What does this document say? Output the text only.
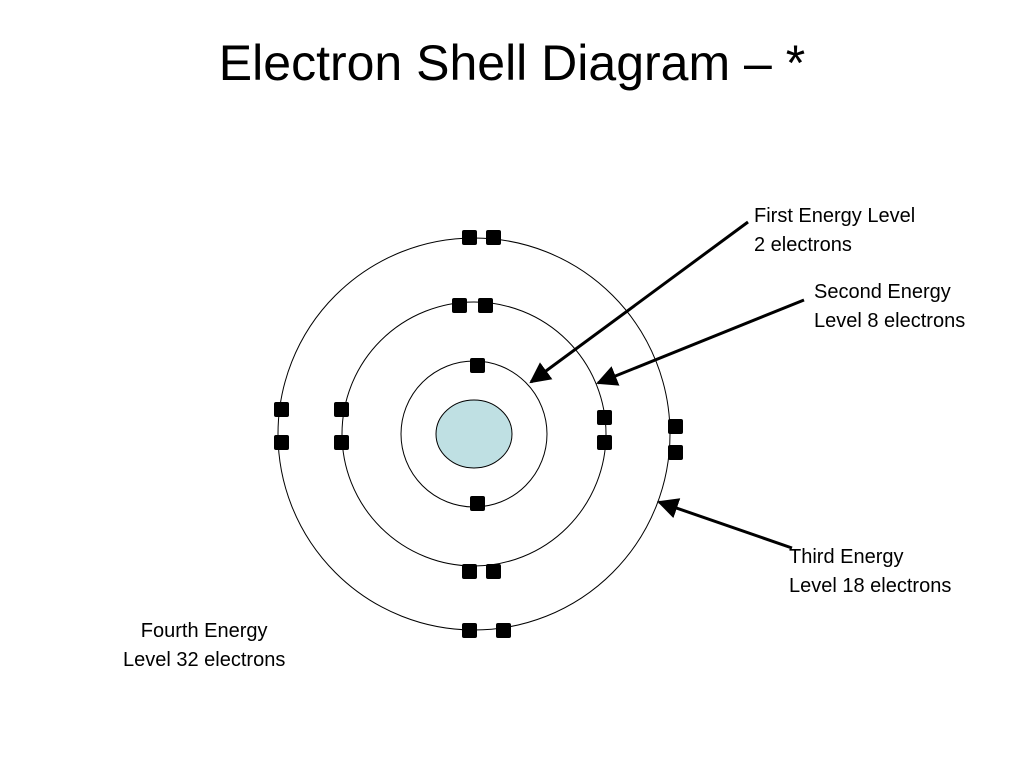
Electron Shell Diagram – *
First Energy Level
2 electrons
Second Energy
Level 8 electrons
Third Energy
Level 18 electrons
Fourth Energy
Level 32 electrons
